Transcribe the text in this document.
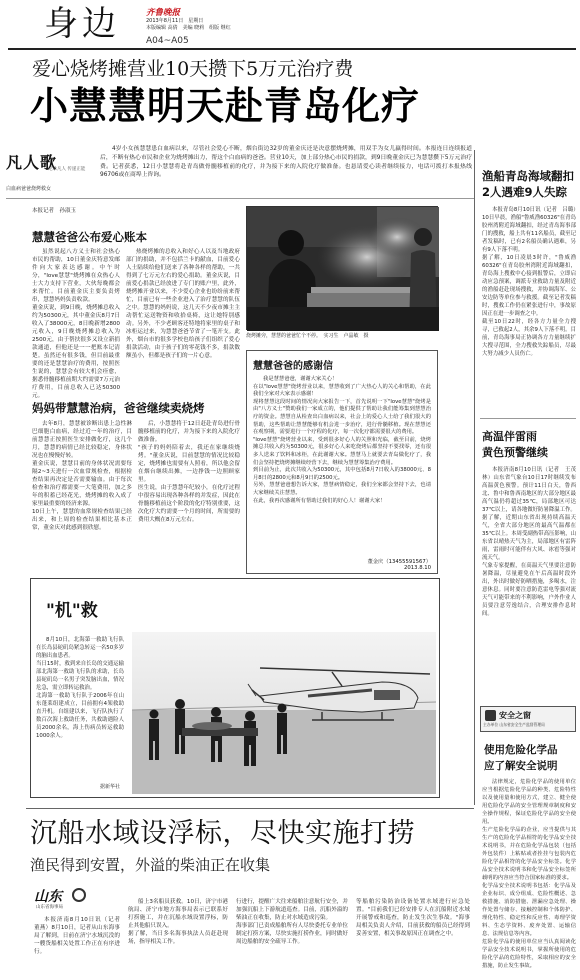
身边	齐鲁晚报
2013年8月11日　星期日
本版编辑 高倩　美编 晓莉　组版 继红
A04~A05
爱心烧烤摊营业10天攒下5万元治疗费
小慧慧明天赴青岛化疗
4岁小女孩慧慧患白血病以来，尽管社会爱心不断，烟台街边32岁的董金庆还是决意摆烧烤摊，用双手为女儿赢得时间。本报连日连续报道后，不断有热心市民和企业为烧烤摊出力，帮这个白血病的爸爸。营业10天，加上部分热心市民的捐款，到9日晚董金庆已为慧慧攒下5万元治疗费。记者获悉，12日小慧慧将赴青岛做骨髓移植前的化疗，并为接下来的入院化疗做准备。也恳请爱心读者继续接力，电话可拨打本报热线96706或在商埠上咨询。
凡人歌
记录凡人 传递正能
白血病爸爸烧烤救女
本报记者　孙淑玉
慧慧爸爸公布爱心账本
虽然说起八方义士和社会热心市民的帮助，10日董金庆特意发邮件向大家表达感谢。中午时分，"love慧慧"烧烤摊在众热心人士大力支持下营业，大伙每晚都会来帮忙。目前董金庆主要负责烤串，慧慧妈妈负责收款。
董金庆说，到9日晚，烧烤摊总收入约为50300元，其中董金庆8月7日收入了38000元，8日晚新增2800元收入，9日晚烧烤摊总收入为2500元，由于帮扶很多又设立新捐款通道，但他还是一一把账本记清楚。虽然还有很多钱，但目前最重要的还是慧慧治疗的费用，按照医生说的，慧慧会有较大机会痊愈，据悉骨髓移植前期大约需要7万元治疗费用，目前总收入已达50300元。
热烧烤摊的总收入和好心人以及当地政府部门的捐助，并不包括兰卡的献血，目前爱心人士陆续给他们送来了各种各样的帮助，一共得到了七万元左右的爱心捐助。董金庆说，目前爱心捐款已经放进了专门的账户里，此外，烧烤摊开业以来，不少爱心企业也纷纷前来帮忙，目前已有一些企业进入了治疗慧慧的队伍之中。慧慧的妈妈说，这几天不少夜市摊主主动帮忙运送物资和收拾桌椅，这让她特别感动。另外，不少老顾客还特地将家里的桌子和冰柜运过来，为慧慧爸爸节省了一笔开支。此外，烟台市的很多学校也给孩子们组织了爱心捐款活动，由于孩子们的零花钱不多，捐款数额虽小，但都是孩子们的一片心意。
烧烤摊旁，慧慧的爸爸忙个不停。　实习生　卢晶敏　摄
慧慧爸爸的感谢信
我是慧慧爸爸，谢谢大家关心！
在以"love慧慧"烧烤营业以来，慧慧收到了广大热心人的关心和帮助，在此我们全家对大家表示感谢！
现将慧慧这段时间的情况向大家报告一下，首先说明一下"love慧慧"烧烤是由"八方义士"赞助我们一家成立的，他们提供了帮助让我们能筹集到慧慧治疗的资金。慧慧自从检查出白血病以来，社会上的爱心人士给了我们很大的帮助，这些帮助让慧慧能够有机会进一步治疗，进行骨髓移植。现在慧慧还在观察期，需要进行一个疗程的化疗，每一次化疗都需要很大的费用。
"love慧慧"烧烤营业以来，受到很多好心人的关照和光临，截至目前，烧烤摊总共收入约为50300元，很多好心人来吃烧烤后都坚持不要找零，还有很多人送来了饮料和冰柜，在此谢谢大家。慧慧马上就要去青岛做化疗了，我们会坚持把烧烤摊继续经营下去，继续为慧慧筹集治疗费用。
到目前为止，此次共收入为50300元，其中包括8月7日收入的38000元、8月8日的2800元和8月9日的2500元。
另外，慧慧爸爸想告诉大家，慧慧病情稳定，我们全家都会坚持下去，也请大家继续关注慧慧。
在此，我再次感谢所有帮助过我们的好心人！谢谢大家！
董金庆（13455591567）
2013.8.10
妈妈带慧慧治病，爸爸继续卖烧烤
去年8月，慧慧被诊断出患上急性淋巴细胞白血病，经过近一年的治疗，目前慧慧正按照医生安排做化疗，这几个月，慧慧的病情已经比较稳定，身体状况也在慢慢好转。
董金庆说，慧慧目前的身体状况需要每隔2~3天进行一次血常规检查，根据检查结果再决定是否需要输血。由于每次检查和治疗都需要一大笔费用，加之多年的积蓄已经花光，烧烤摊的收入成了家里最重要的经济来源。
10日上午，慧慧的血常规检查结果已经出来，和上周的检查结果相比基本正常，董金庆对此感到很欣慰。
后，小慧慧将于12日赶赴青岛进行骨髓移植前的化疗，并为接下来的入院化疗做准备。
"孩子的妈妈陪着去，我还在家继续烧烤。"董金庆说，目前慧慧的情况比较稳定，烧烤摊也需要有人照看，所以他会留在烟台继续出摊，一边挣钱一边照顾家里。
医生说，由于慧慧年纪较小，在化疗过程中很容易出现各种各样的并发症，因此在骨髓移植前这个阶段的化疗特别重要，这次化疗大约需要一个月的时间，所需要的费用大概在8万元左右。
"机"救
8月10日，北海第一救助飞行队在长岛县砣矶岛紧急转运一名50多岁的脑出血患者。
当日15时，救到来自长岛的交通运输部北海第一救助飞行队的求助，长岛县砣矶岛一名男子突发脑出血，情况危急，需立即转运救治。
北海第一救助飞行队于2006年在山东蓬莱组建成立，目前拥有4架救助直升机。自组建以来，飞行队执行了数百次海上救助任务，共救助遇险人员2000余名，海上伤病员转运救助1000余人。
据新华社
渔船青岛海域翻扣
2人遇难9人失踪
本报青岛8月10日讯（记者　吕璐）10日早晨，渔船"鲁威渔60326"在青岛胶州湾附近海域翻扣，经过青岛海事部门的搜救，船上共有11名船员，截至记者发稿时，已有2名船员确认遇难，另有9人下落不明。
据了解，10日凌晨3时许，"鲁威渔60326"在青岛胶州湾附近海域翻扣，青岛海上搜救中心接到报警后，立即启动应急预案，调派专业救助力量及附近的渔船赶赴现场搜救，并协调海军、公安边防等单位参与救援。截至记者发稿时，搜救工作仍在紧张进行中，事故原因正在进一步调查之中。
截至10日22时，经各方力量全力搜寻，已救起2人，其余9人下落不明。目前，青岛海事局正协调各方力量继续扩大搜寻范围，全力搜救失踪船员，尽最大努力减少人员伤亡。
高温伴雷雨
黄色预警继续
本报济南8月10日讯（记者　王茂林）山东省气象台10日17时继续发布高温黄色预警。预计11日白天，鲁西北、鲁中和鲁西南地区的大部分地区最高气温仍将超过35℃，局部地区可达37℃以上，请各地做好防暑降温工作。
据了解，近期山东省出现持续高温天气，全省大部分地区的最高气温都在35℃以上。本周受副热带高压影响，山东省以晴热天气为主，局部地区有雷阵雨，雷雨时可能伴有大风、冰雹等强对流天气。
气象专家提醒，在高温天气里要注意防暑降温，尽量避免在午后高温时段外出，外出时做好防晒措施，多喝水，注意休息。同时要注意防范雷电等强对流天气可能带来的不利影响，户外作业人员要注意劳逸结合，合理安排作息时间。
安全之窗
主办单位 山东省安全生产监督管理局
使用危险化学品
应了解安全说明
法律规定，危险化学品的使用单位应当根据危险化学品的种类、危险特性以及使用量和使用方式，建立、健全使用危险化学品的安全管理规章制度和安全操作规程，保证危险化学品的安全使用。
生产危险化学品的企业，应当提供与其生产的危险化学品相符的化学品安全技术说明书，并在危险化学品包装（包括外包装件）上粘贴或者拴挂与包装内危险化学品相符的化学品安全标签。化学品安全技术说明书和化学品安全标签所载明的内容应当符合国家标准的要求。
化学品安全技术说明书包括：化学品及企业标识、成分组成、危险性概述、急救措施、消防措施、泄漏应急处理、操作处置与储存、接触控制和个体防护、理化特性、稳定性和反应性、毒理学资料、生态学资料、废弃处置、运输信息、法规信息等内容。
危险化学品的使用单位应当认真阅读化学品安全技术说明书，掌握所使用的危险化学品的危险特性，采取相应的安全措施，防止发生事故。
沉船水域设浮标，尽快实施打捞
渔民得到安置，外溢的柴油正在收集
山东
山东省海事局
本报济南8月10日讯（记者　董燕）8月10日，记者从山东海事局了解到，日前在济宁水域沉没的一艘货船相关处置工作正在有序进行。
船上3名船员获救。10日，济宁市港航局、济宁市地方海事局表示已联系好打捞施工，并在沉船水域设置浮标，防止其他船只误入。
据了解，当日多名海事执法人员赶赴现场，指导相关工作。
行进行，提醒广大往来船舶注意航行安全，并加强沉船上下游航道巡查。目前，沉船外溢的柴油正在收集，防止对水域造成污染。
海事部门已责成船舶所有人尽快委托专业单位制定打捞方案，尽快实施打捞作业，同时做好周边船舶的安全疏导工作。
等船舶污染防治设备处置水域进行应急处置。"目前我们已经安排专人在沉船附近水域开展警戒和巡查，防止发生次生事故。"海事局相关负责人介绍，目前获救的船员已经得到妥善安置，相关事故原因正在调查之中。
